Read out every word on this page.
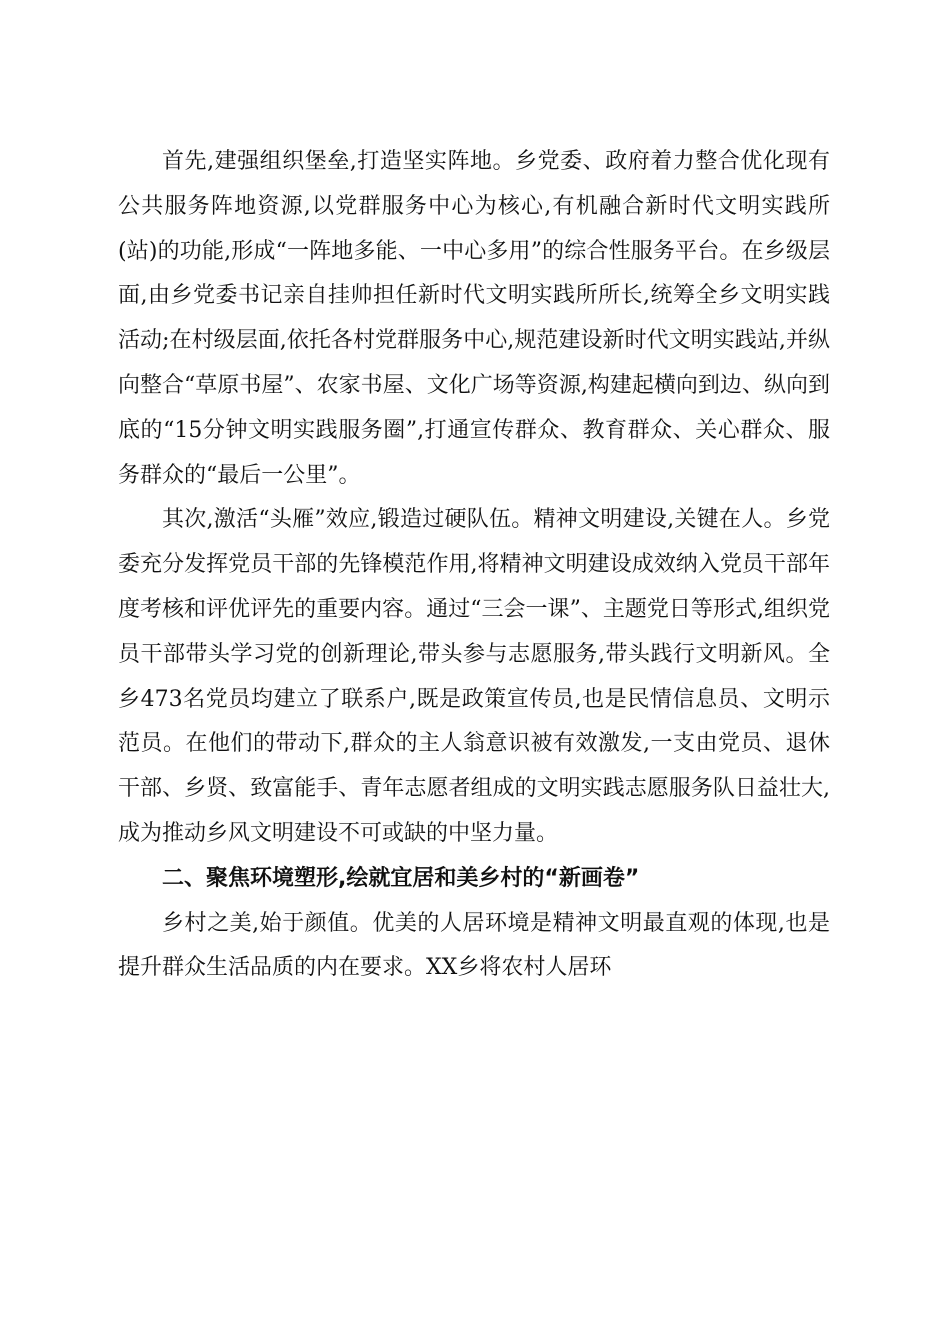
首先,建强组织堡垒,打造坚实阵地。乡党委、政府着力整合优化现有公共服务阵地资源,以党群服务中心为核心,有机融合新时代文明实践所(站)的功能,形成“一阵地多能、一中心多用”的综合性服务平台。在乡级层面,由乡党委书记亲自挂帅担任新时代文明实践所所长,统筹全乡文明实践活动;在村级层面,依托各村党群服务中心,规范建设新时代文明实践站,并纵向整合“草原书屋”、农家书屋、文化广场等资源,构建起横向到边、纵向到底的“15分钟文明实践服务圈”,打通宣传群众、教育群众、关心群众、服务群众的“最后一公里”。

其次,激活“头雁”效应,锻造过硬队伍。精神文明建设,关键在人。乡党委充分发挥党员干部的先锋模范作用,将精神文明建设成效纳入党员干部年度考核和评优评先的重要内容。通过“三会一课”、主题党日等形式,组织党员干部带头学习党的创新理论,带头参与志愿服务,带头践行文明新风。全乡473名党员均建立了联系户,既是政策宣传员,也是民情信息员、文明示范员。在他们的带动下,群众的主人翁意识被有效激发,一支由党员、退休干部、乡贤、致富能手、青年志愿者组成的文明实践志愿服务队日益壮大,成为推动乡风文明建设不可或缺的中坚力量。

二、聚焦环境塑形,绘就宜居和美乡村的“新画卷”

乡村之美,始于颜值。优美的人居环境是精神文明最直观的体现,也是提升群众生活品质的内在要求。XX乡将农村人居环
